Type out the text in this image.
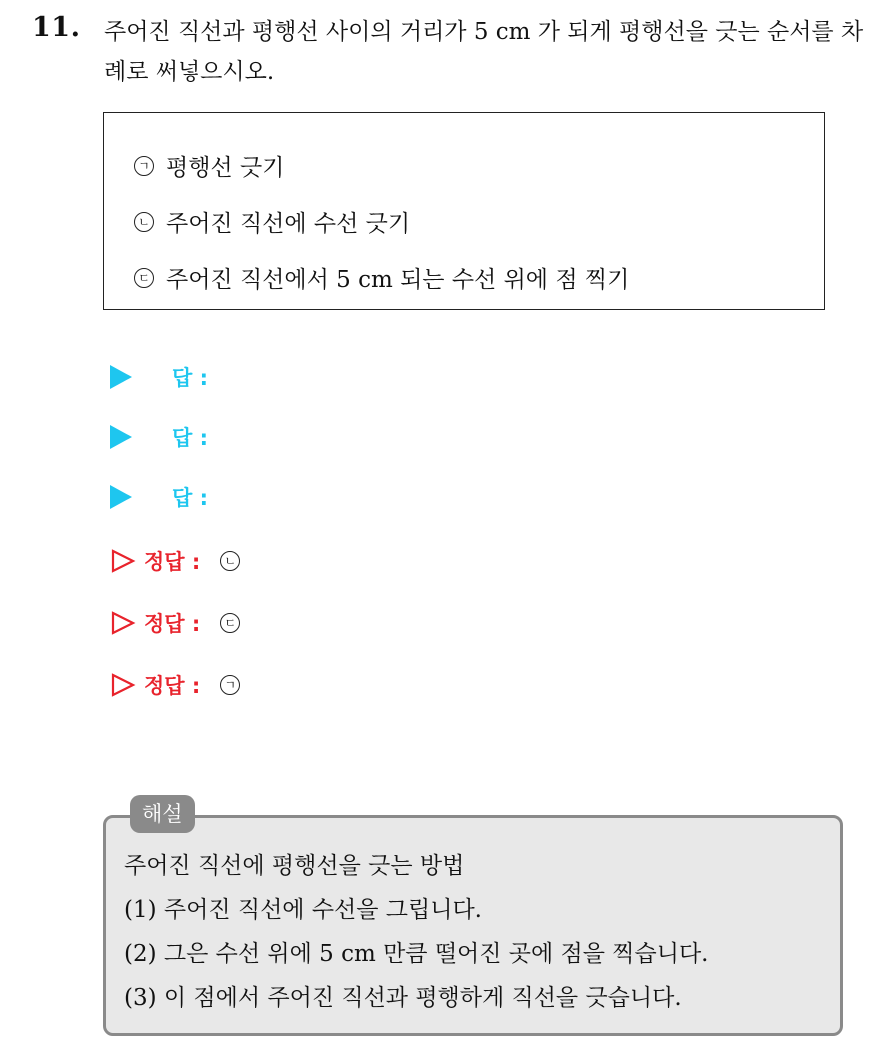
11. 주어진 직선과 평행선 사이의 거리가 5 cm 가 되게 평행선을 긋는 순서를 차례로 써넣으시오.
ㄱ 평행선 긋기
ㄴ 주어진 직선에 수선 긋기
ㄷ 주어진 직선에서 5 cm 되는 수선 위에 점 찍기
답 :
답 :
답 :
정답 :	ㄴ
정답 :	ㄷ
정답 :	ㄱ
해설
주어진 직선에 평행선을 긋는 방법
(1) 주어진 직선에 수선을 그립니다.
(2) 그은 수선 위에 5 cm 만큼 떨어진 곳에 점을 찍습니다.
(3) 이 점에서 주어진 직선과 평행하게 직선을 긋습니다.
